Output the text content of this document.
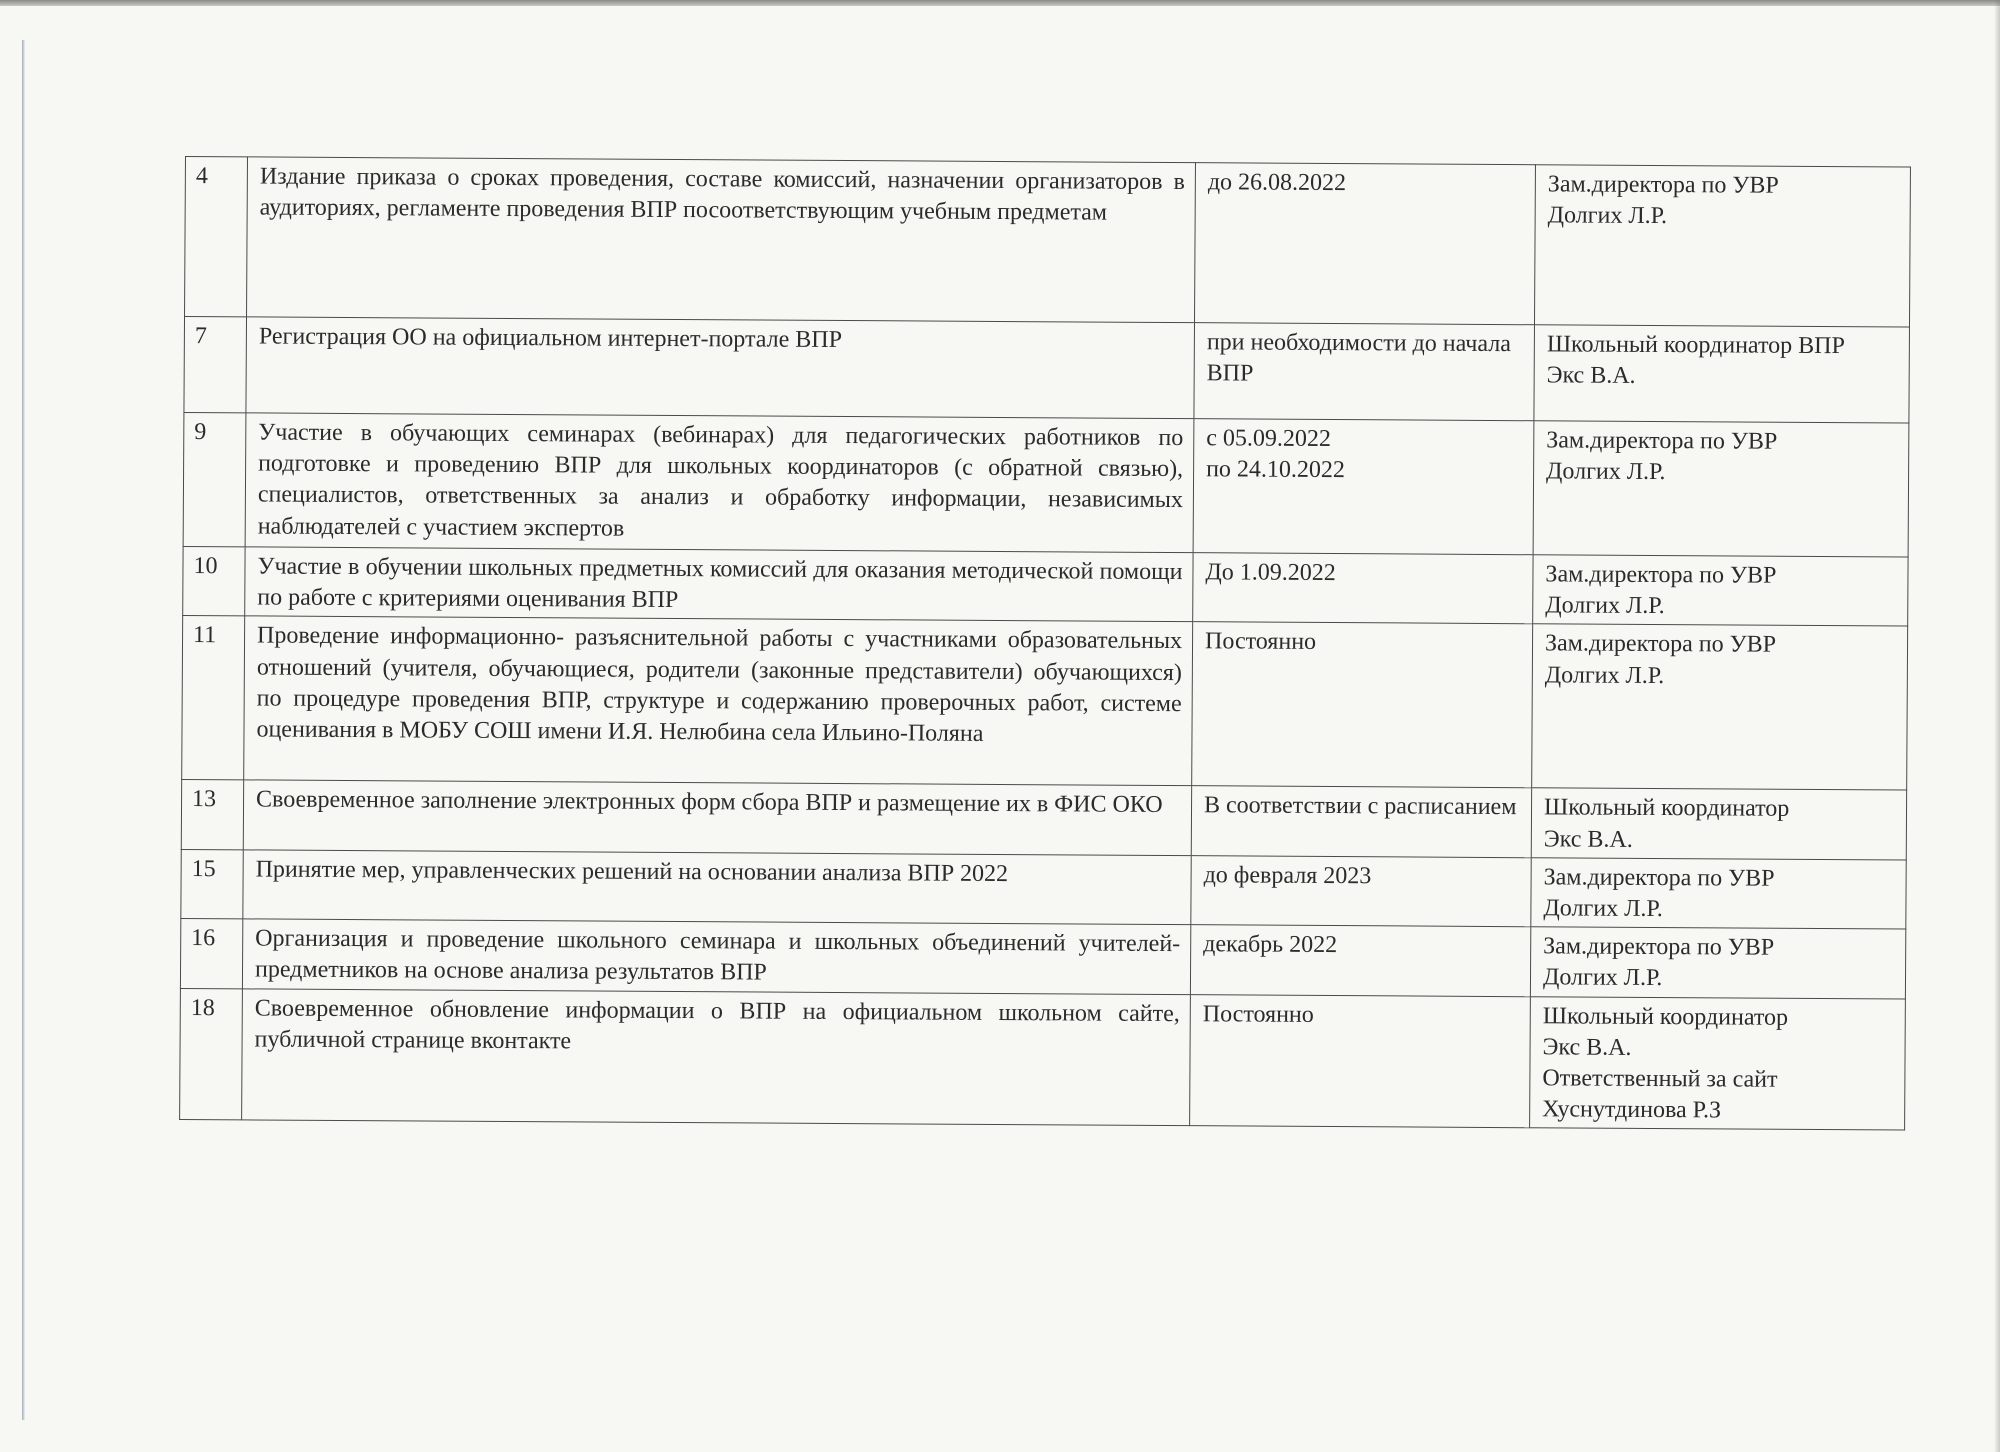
4	Издание приказа о сроках проведения, составе комиссий, назначении организаторов в аудиториях, регламенте проведения ВПР посоответствующим учебным предметам	до 26.08.2022	Зам.директора по УВР
Долгих Л.Р.

7	Регистрация ОО на официальном интернет-портале ВПР	при необходимости до начала ВПР	Школьный координатор ВПР
Экс В.А.

9	Участие в обучающих семинарах (вебинарах) для педагогических работников по подготовке и проведению ВПР для школьных координаторов (с обратной связью), специалистов, ответственных за анализ и обработку информации, независимых наблюдателей с участием экспертов	с 05.09.2022
по 24.10.2022	Зам.директора по УВР
Долгих Л.Р.

10	Участие в обучении школьных предметных комиссий для оказания методической помощи по работе с критериями оценивания ВПР	До 1.09.2022	Зам.директора по УВР
Долгих Л.Р.

11	Проведение информационно- разъяснительной работы с участниками образовательных отношений (учителя, обучающиеся, родители (законные представители) обучающихся) по процедуре проведения ВПР, структуре и содержанию проверочных работ, системе оценивания в МОБУ СОШ имени И.Я. Нелюбина села Ильино-Поляна	Постоянно	Зам.директора по УВР
Долгих Л.Р.

13	Своевременное заполнение электронных форм сбора ВПР и размещение их в ФИС ОКО	В соответствии с расписанием	Школьный координатор
Экс В.А.

15	Принятие мер, управленческих решений на основании анализа ВПР 2022	до февраля 2023	Зам.директора по УВР
Долгих Л.Р.

16	Организация и проведение школьного семинара и школьных объединений учителей-предметников на основе анализа результатов ВПР	декабрь 2022	Зам.директора по УВР
Долгих Л.Р.

18	Своевременное обновление информации о ВПР на официальном школьном сайте, публичной странице вконтакте	Постоянно	Школьный координатор
Экс В.А.
Ответственный за сайт
Хуснутдинова Р.З
